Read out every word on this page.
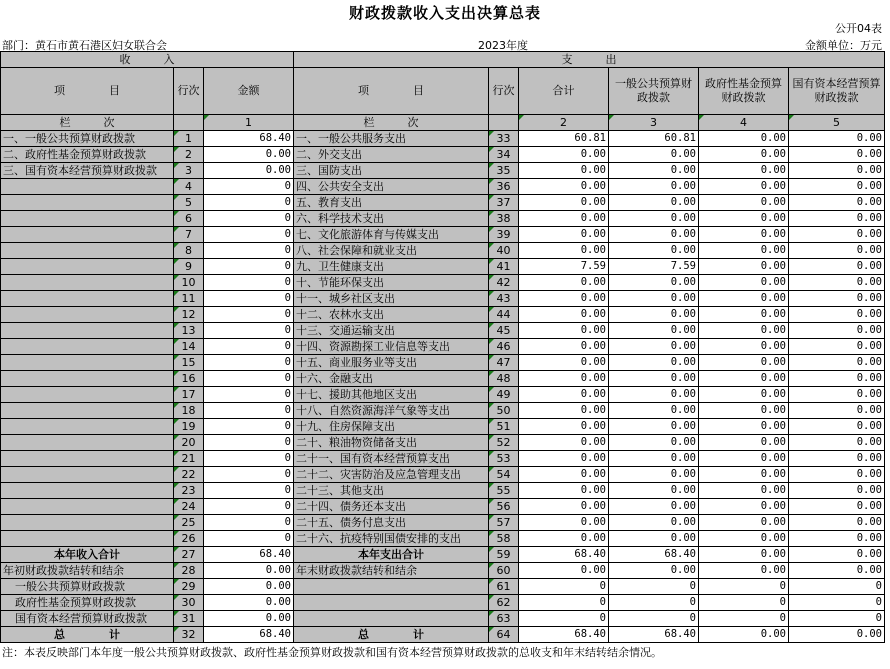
财政拨款收入支出决算总表
公开04表
部门：黄石市黄石港区妇女联合会	2023年度	金额单位：万元
收　　　入			支　　　出					
项　　　　目	行次	金额	项　　　　目	行次	合计	一般公共预算财政拨款	政府性基金预算财政拨款	国有资本经营预算财政拨款
栏　　　次		1	栏　　　次		2	3	4	5
一、一般公共预算财政拨款	1	68.40	一、一般公共服务支出	33	60.81	60.81	0.00	0.00
二、政府性基金预算财政拨款	2	0.00	二、外交支出	34	0.00	0.00	0.00	0.00
三、国有资本经营预算财政拨款	3	0.00	三、国防支出	35	0.00	0.00	0.00	0.00
	4	0	四、公共安全支出	36	0.00	0.00	0.00	0.00
	5	0	五、教育支出	37	0.00	0.00	0.00	0.00
	6	0	六、科学技术支出	38	0.00	0.00	0.00	0.00
	7	0	七、文化旅游体育与传媒支出	39	0.00	0.00	0.00	0.00
	8	0	八、社会保障和就业支出	40	0.00	0.00	0.00	0.00
	9	0	九、卫生健康支出	41	7.59	7.59	0.00	0.00
	10	0	十、节能环保支出	42	0.00	0.00	0.00	0.00
	11	0	十一、城乡社区支出	43	0.00	0.00	0.00	0.00
	12	0	十二、农林水支出	44	0.00	0.00	0.00	0.00
	13	0	十三、交通运输支出	45	0.00	0.00	0.00	0.00
	14	0	十四、资源勘探工业信息等支出	46	0.00	0.00	0.00	0.00
	15	0	十五、商业服务业等支出	47	0.00	0.00	0.00	0.00
	16	0	十六、金融支出	48	0.00	0.00	0.00	0.00
	17	0	十七、援助其他地区支出	49	0.00	0.00	0.00	0.00
	18	0	十八、自然资源海洋气象等支出	50	0.00	0.00	0.00	0.00
	19	0	十九、住房保障支出	51	0.00	0.00	0.00	0.00
	20	0	二十、粮油物资储备支出	52	0.00	0.00	0.00	0.00
	21	0	二十一、国有资本经营预算支出	53	0.00	0.00	0.00	0.00
	22	0	二十二、灾害防治及应急管理支出	54	0.00	0.00	0.00	0.00
	23	0	二十三、其他支出	55	0.00	0.00	0.00	0.00
	24	0	二十四、债务还本支出	56	0.00	0.00	0.00	0.00
	25	0	二十五、债务付息支出	57	0.00	0.00	0.00	0.00
	26	0	二十六、抗疫特别国债安排的支出	58	0.00	0.00	0.00	0.00
本年收入合计	27	68.40	本年支出合计	59	68.40	68.40	0.00	0.00
年初财政拨款结转和结余	28	0.00	年末财政拨款结转和结余	60	0.00	0.00	0.00	0.00
一般公共预算财政拨款	29	0.00		61	0	0	0	0
政府性基金预算财政拨款	30	0.00		62	0	0	0	0
国有资本经营预算财政拨款	31	0.00		63	0	0	0	0
总　　　　计	32	68.40	总　　　　计	64	68.40	68.40	0.00	0.00
注：本表反映部门本年度一般公共预算财政拨款、政府性基金预算财政拨款和国有资本经营预算财政拨款的总收支和年末结转结余情况。
